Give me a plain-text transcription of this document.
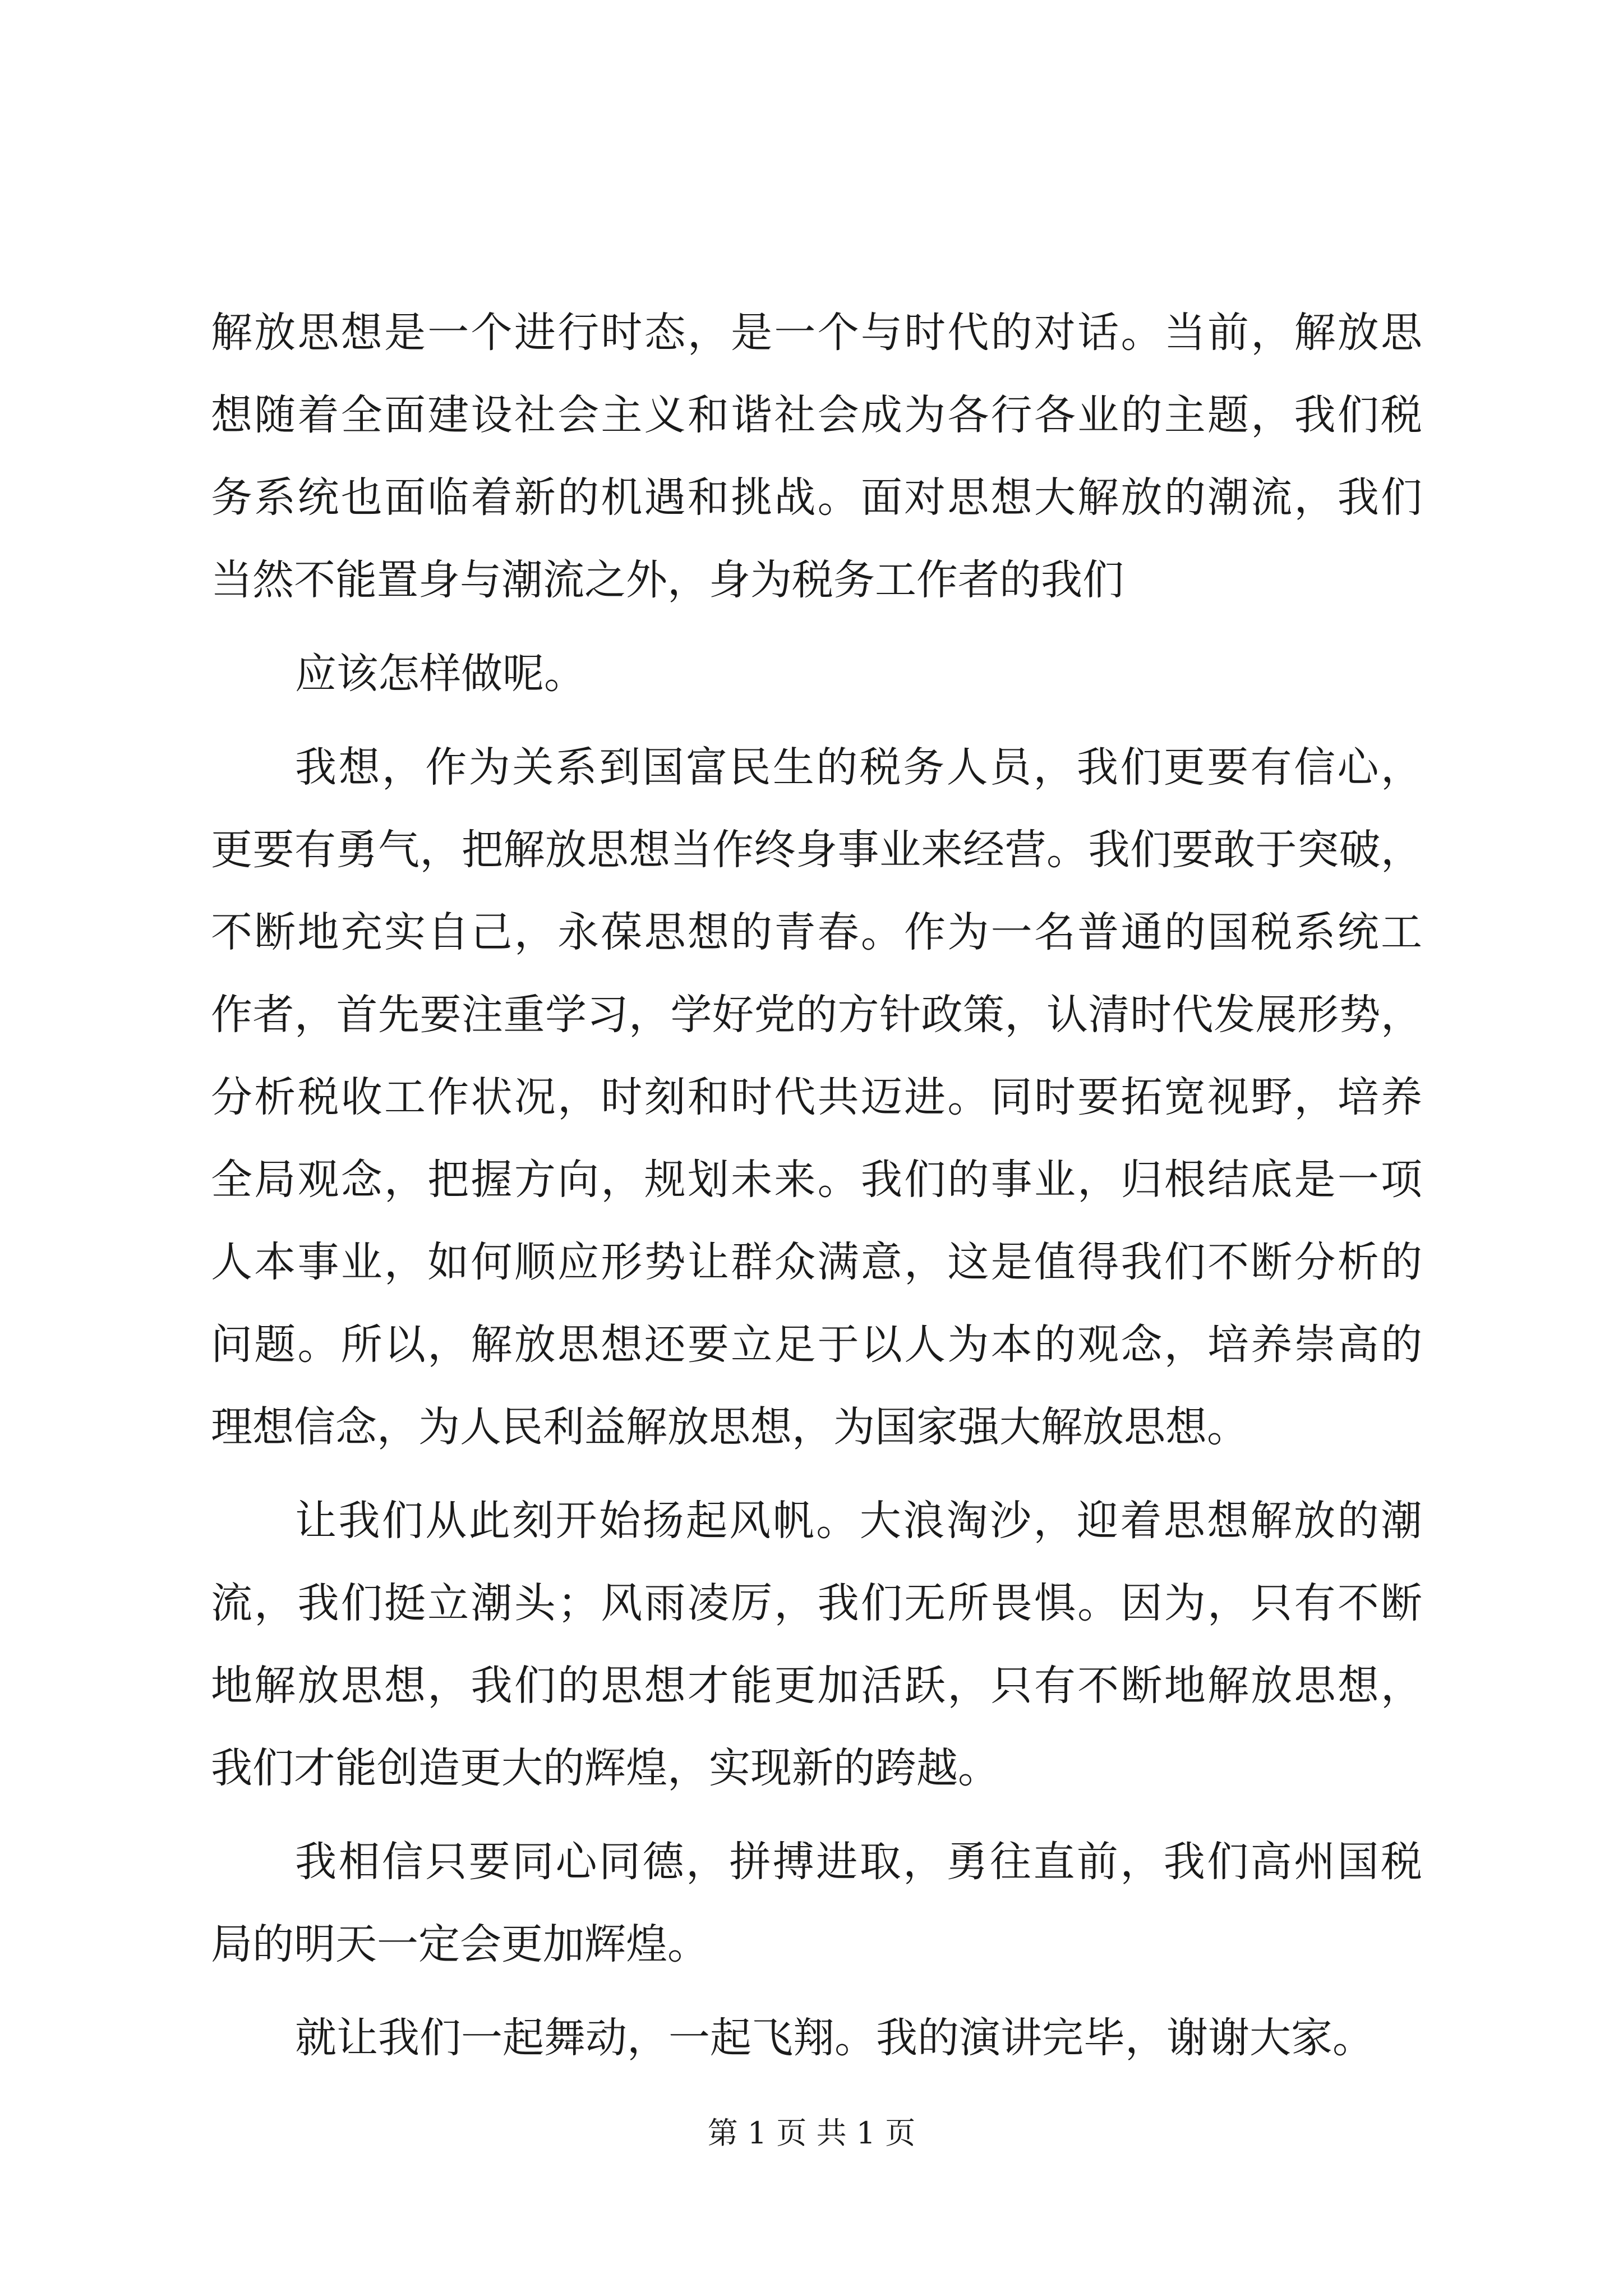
解放思想是一个进行时态，是一个与时代的对话。当前，解放思
想随着全面建设社会主义和谐社会成为各行各业的主题，我们税
务系统也面临着新的机遇和挑战。面对思想大解放的潮流，我们
当然不能置身与潮流之外，身为税务工作者的我们
应该怎样做呢。
我想，作为关系到国富民生的税务人员，我们更要有信心，
更要有勇气，把解放思想当作终身事业来经营。我们要敢于突破，
不断地充实自己，永葆思想的青春。作为一名普通的国税系统工
作者，首先要注重学习，学好党的方针政策，认清时代发展形势，
分析税收工作状况，时刻和时代共迈进。同时要拓宽视野，培养
全局观念，把握方向，规划未来。我们的事业，归根结底是一项
人本事业，如何顺应形势让群众满意，这是值得我们不断分析的
问题。所以，解放思想还要立足于以人为本的观念，培养崇高的
理想信念，为人民利益解放思想，为国家强大解放思想。
让我们从此刻开始扬起风帆。大浪淘沙，迎着思想解放的潮
流，我们挺立潮头；风雨凌厉，我们无所畏惧。因为，只有不断
地解放思想，我们的思想才能更加活跃，只有不断地解放思想，
我们才能创造更大的辉煌，实现新的跨越。
我相信只要同心同德，拼搏进取，勇往直前，我们高州国税
局的明天一定会更加辉煌。
就让我们一起舞动，一起飞翔。我的演讲完毕，谢谢大家。
第 1 页 共 1 页
